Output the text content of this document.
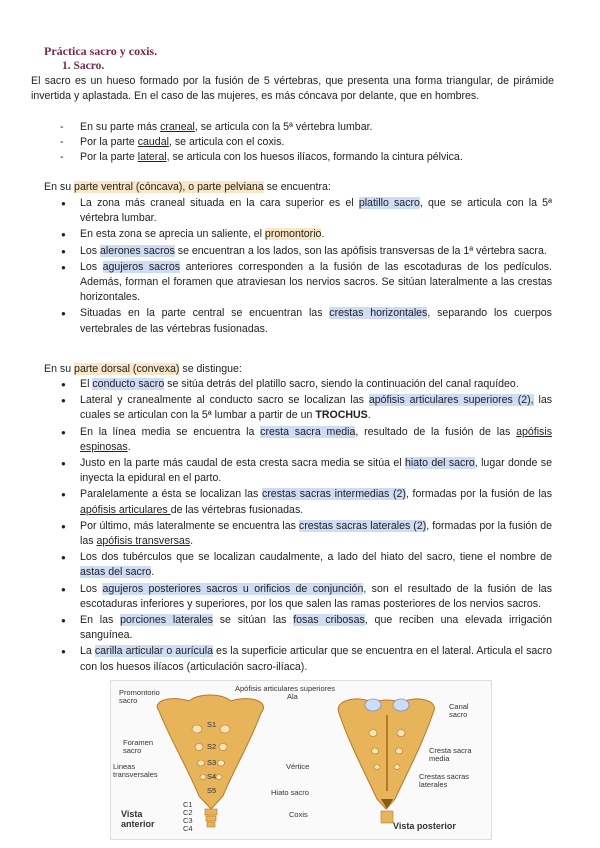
Práctica sacro y coxis.
1. Sacro.

El sacro es un hueso formado por la fusión de 5 vértebras, que presenta una forma triangular, de pirámide invertida y aplastada. En el caso de las mujeres, es más cóncava por delante, que en hombres.

- En su parte más craneal, se articula con la 5ª vértebra lumbar.
- Por la parte caudal, se articula con el coxis.
- Por la parte lateral, se articula con los huesos ilíacos, formando la cintura pélvica.

En su parte ventral (cóncava), o parte pelviana se encuentra:

● La zona más craneal situada en la cara superior es el platillo sacro, que se articula con la 5ª vértebra lumbar.
● En esta zona se aprecia un saliente, el promontorio.
● Los alerones sacros se encuentran a los lados, son las apófisis transversas de la 1ª vértebra sacra.
● Los agujeros sacros anteriores corresponden a la fusión de las escotaduras de los pedículos. Además, forman el foramen que atraviesan los nervios sacros. Se sitúan lateralmente a las crestas horizontales.
● Situadas en la parte central se encuentran las crestas horizontales, separando los cuerpos vertebrales de las vértebras fusionadas.

En su parte dorsal (convexa) se distingue:

● El conducto sacro se sitúa detrás del platillo sacro, siendo la continuación del canal raquídeo.
● Lateral y cranealmente al conducto sacro se localizan las apófisis articulares superiores (2), las cuales se articulan con la 5ª lumbar a partir de un TROCHUS.
● En la línea media se encuentra la cresta sacra media, resultado de la fusión de las apófisis espinosas.
● Justo en la parte más caudal de esta cresta sacra media se sitúa el hiato del sacro, lugar donde se inyecta la epidural en el parto.
● Paralelamente a ésta se localizan las crestas sacras intermedias (2), formadas por la fusión de las apófisis articulares de las vértebras fusionadas.
● Por último, más lateralmente se encuentra las crestas sacras laterales (2), formadas por la fusión de las apófisis transversas.
● Los dos tubérculos que se localizan caudalmente, a lado del hiato del sacro, tiene el nombre de astas del sacro.
● Los agujeros posteriores sacros u orificios de conjunción, son el resultado de la fusión de las escotaduras inferiores y superiores, por los que salen las ramas posteriores de los nervios sacros.
● En las porciones laterales se sitúan las fosas cribosas, que reciben una elevada irrigación sanguínea.
● La carilla articular o aurícula es la superficie articular que se encuentra en el lateral. Articula el sacro con los huesos ilíacos (articulación sacro-ilíaca).
Promontorio sacro
Apófisis articulares superiores
Ala
Canal sacro
Foramen sacro
Lineas transversales
Vértice
Cresta sacra media
Crestas sacras laterales
Hiato sacro
Coxis
Vista anterior	Vista posterior
S1
S2
S3
S4
S5
C1
C2
C3
C4
